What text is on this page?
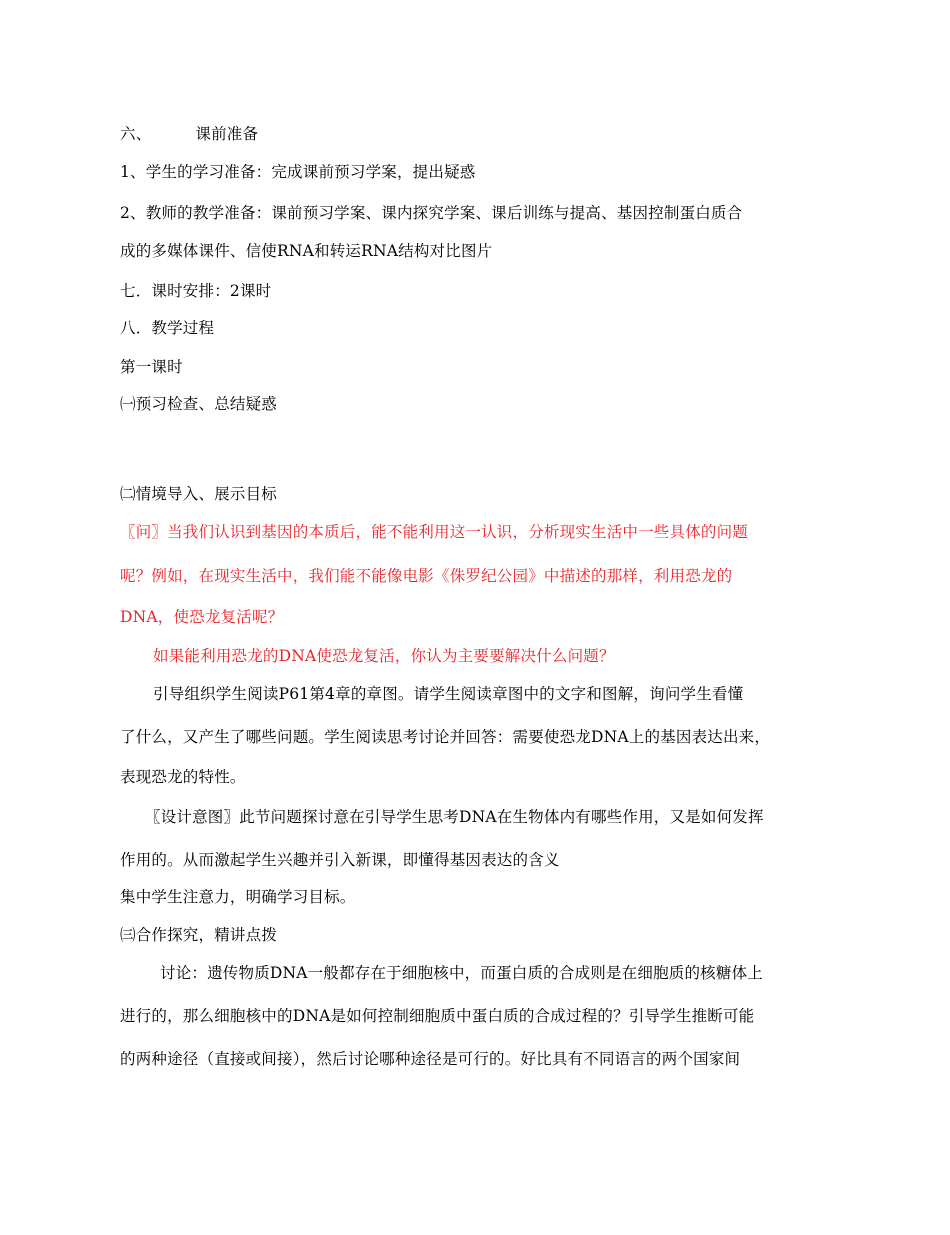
六、	课前准备
1、学生的学习准备：完成课前预习学案，提出疑惑
2、教师的教学准备：课前预习学案、课内探究学案、课后训练与提高、基因控制蛋白质合
成的多媒体课件、信使RNA和转运RNA结构对比图片
七．课时安排：2课时
八．教学过程
第一课时
㈠预习检查、总结疑惑
㈡情境导入、展示目标
〖问〗当我们认识到基因的本质后，能不能利用这一认识，分析现实生活中一些具体的问题
呢？例如，在现实生活中，我们能不能像电影《侏罗纪公园》中描述的那样，利用恐龙的
DNA，使恐龙复活呢？
如果能利用恐龙的DNA使恐龙复活，你认为主要要解决什么问题？
引导组织学生阅读P61第4章的章图。请学生阅读章图中的文字和图解，询问学生看懂
了什么，又产生了哪些问题。学生阅读思考讨论并回答：需要使恐龙DNA上的基因表达出来，
表现恐龙的特性。
〖设计意图〗此节问题探讨意在引导学生思考DNA在生物体内有哪些作用，又是如何发挥
作用的。从而激起学生兴趣并引入新课，即懂得基因表达的含义
集中学生注意力，明确学习目标。
㈢合作探究，精讲点拨
讨论：遗传物质DNA一般都存在于细胞核中，而蛋白质的合成则是在细胞质的核糖体上
进行的，那么细胞核中的DNA是如何控制细胞质中蛋白质的合成过程的？引导学生推断可能
的两种途径（直接或间接），然后讨论哪种途径是可行的。好比具有不同语言的两个国家间
